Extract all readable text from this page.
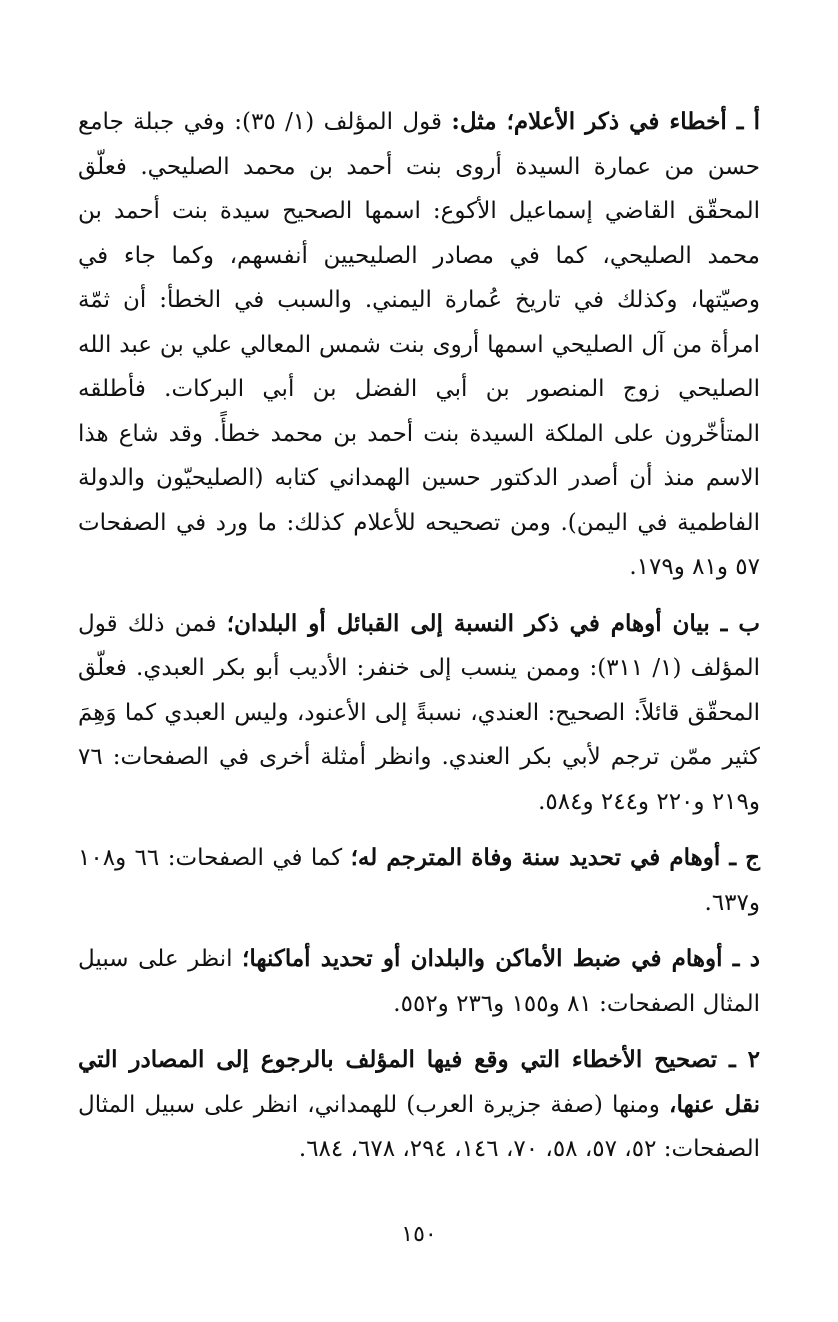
أ ـ أخطاء في ذكر الأعلام؛ مثل: قول المؤلف (١/ ٣٥): وفي جبلة جامع حسن من عمارة السيدة أروى بنت أحمد بن محمد الصليحي. فعلّق المحقّق القاضي إسماعيل الأكوع: اسمها الصحيح سيدة بنت أحمد بن محمد الصليحي، كما في مصادر الصليحيين أنفسهم، وكما جاء في وصيّتها، وكذلك في تاريخ عُمارة اليمني. والسبب في الخطأ: أن ثمّة امرأة من آل الصليحي اسمها أروى بنت شمس المعالي علي بن عبد الله الصليحي زوج المنصور بن أبي الفضل بن أبي البركات. فأطلقه المتأخّرون على الملكة السيدة بنت أحمد بن محمد خطأً. وقد شاع هذا الاسم منذ أن أصدر الدكتور حسين الهمداني كتابه (الصليحيّون والدولة الفاطمية في اليمن). ومن تصحيحه للأعلام كذلك: ما ورد في الصفحات ٥٧ و٨١ و١٧٩.

ب ـ بيان أوهام في ذكر النسبة إلى القبائل أو البلدان؛ فمن ذلك قول المؤلف (١/ ٣١١): وممن ينسب إلى خنفر: الأديب أبو بكر العبدي. فعلّق المحقّق قائلاً: الصحيح: العندي، نسبةً إلى الأعنود، وليس العبدي كما وَهِمَ كثير ممّن ترجم لأبي بكر العندي. وانظر أمثلة أخرى في الصفحات: ٧٦ و٢١٩ و٢٢٠ و٢٤٤ و٥٨٤.

ج ـ أوهام في تحديد سنة وفاة المترجم له؛ كما في الصفحات: ٦٦ و١٠٨ و٦٣٧.

د ـ أوهام في ضبط الأماكن والبلدان أو تحديد أماكنها؛ انظر على سبيل المثال الصفحات: ٨١ و١٥٥ و٢٣٦ و٥٥٢.

٢ ـ تصحيح الأخطاء التي وقع فيها المؤلف بالرجوع إلى المصادر التي نقل عنها، ومنها (صفة جزيرة العرب) للهمداني، انظر على سبيل المثال الصفحات: ٥٢، ٥٧، ٥٨، ٧٠، ١٤٦، ٢٩٤، ٦٧٨، ٦٨٤.

١٥٠
